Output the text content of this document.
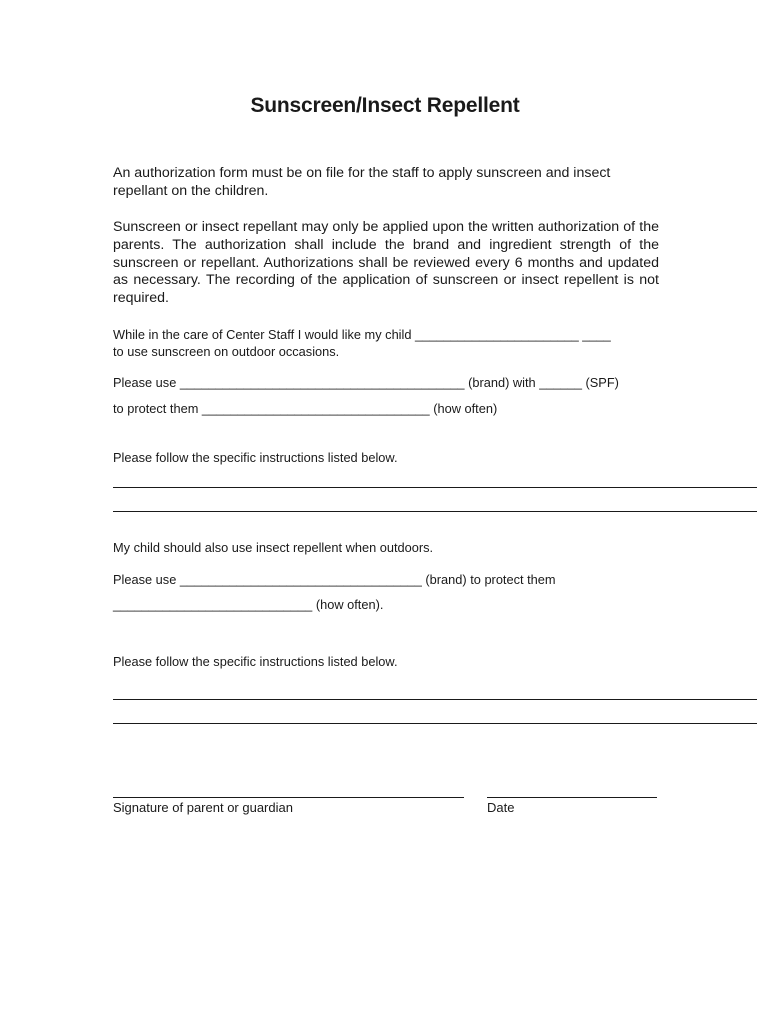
Sunscreen/Insect Repellent
An authorization form must be on file for the staff to apply sunscreen and insect repellant on the children.
Sunscreen or insect repellant may only be applied upon the written authorization of the parents. The authorization shall include the brand and ingredient strength of the sunscreen or repellant. Authorizations shall be reviewed every 6 months and updated as necessary. The recording of the application of sunscreen or insect repellent is not required.
While in the care of Center Staff I would like my child _______________________ ____
to use sunscreen on outdoor occasions.
Please use ________________________________________ (brand) with ______ (SPF)
to protect them ________________________________ (how often)
Please follow the specific instructions listed below.
My child should also use insect repellent when outdoors.
Please use __________________________________ (brand) to protect them
____________________________ (how often).
Please follow the specific instructions listed below.
Signature of parent or guardian	Date
